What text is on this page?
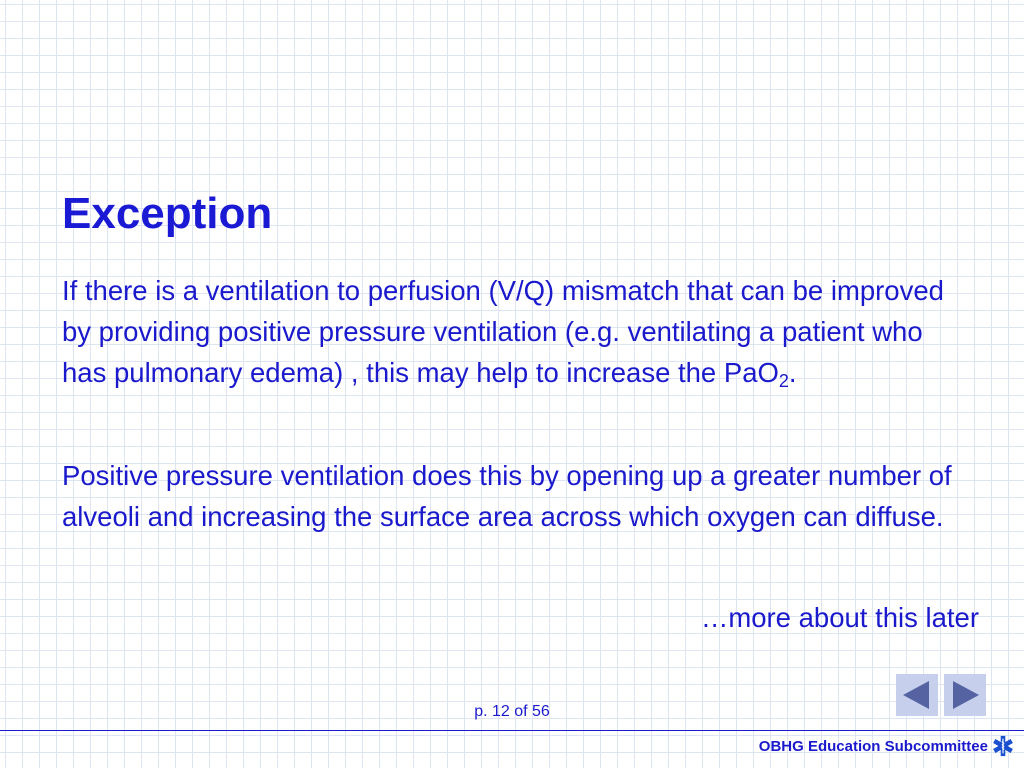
Exception

If there is a ventilation to perfusion (V/Q) mismatch that can be improved by providing positive pressure ventilation (e.g. ventilating a patient who has pulmonary edema) , this may help to increase the PaO$_2$.

Positive pressure ventilation does this by opening up a greater number of alveoli and increasing the surface area across which oxygen can diffuse.

…more about this later
p. 12 of 56
OBHG Education Subcommittee
